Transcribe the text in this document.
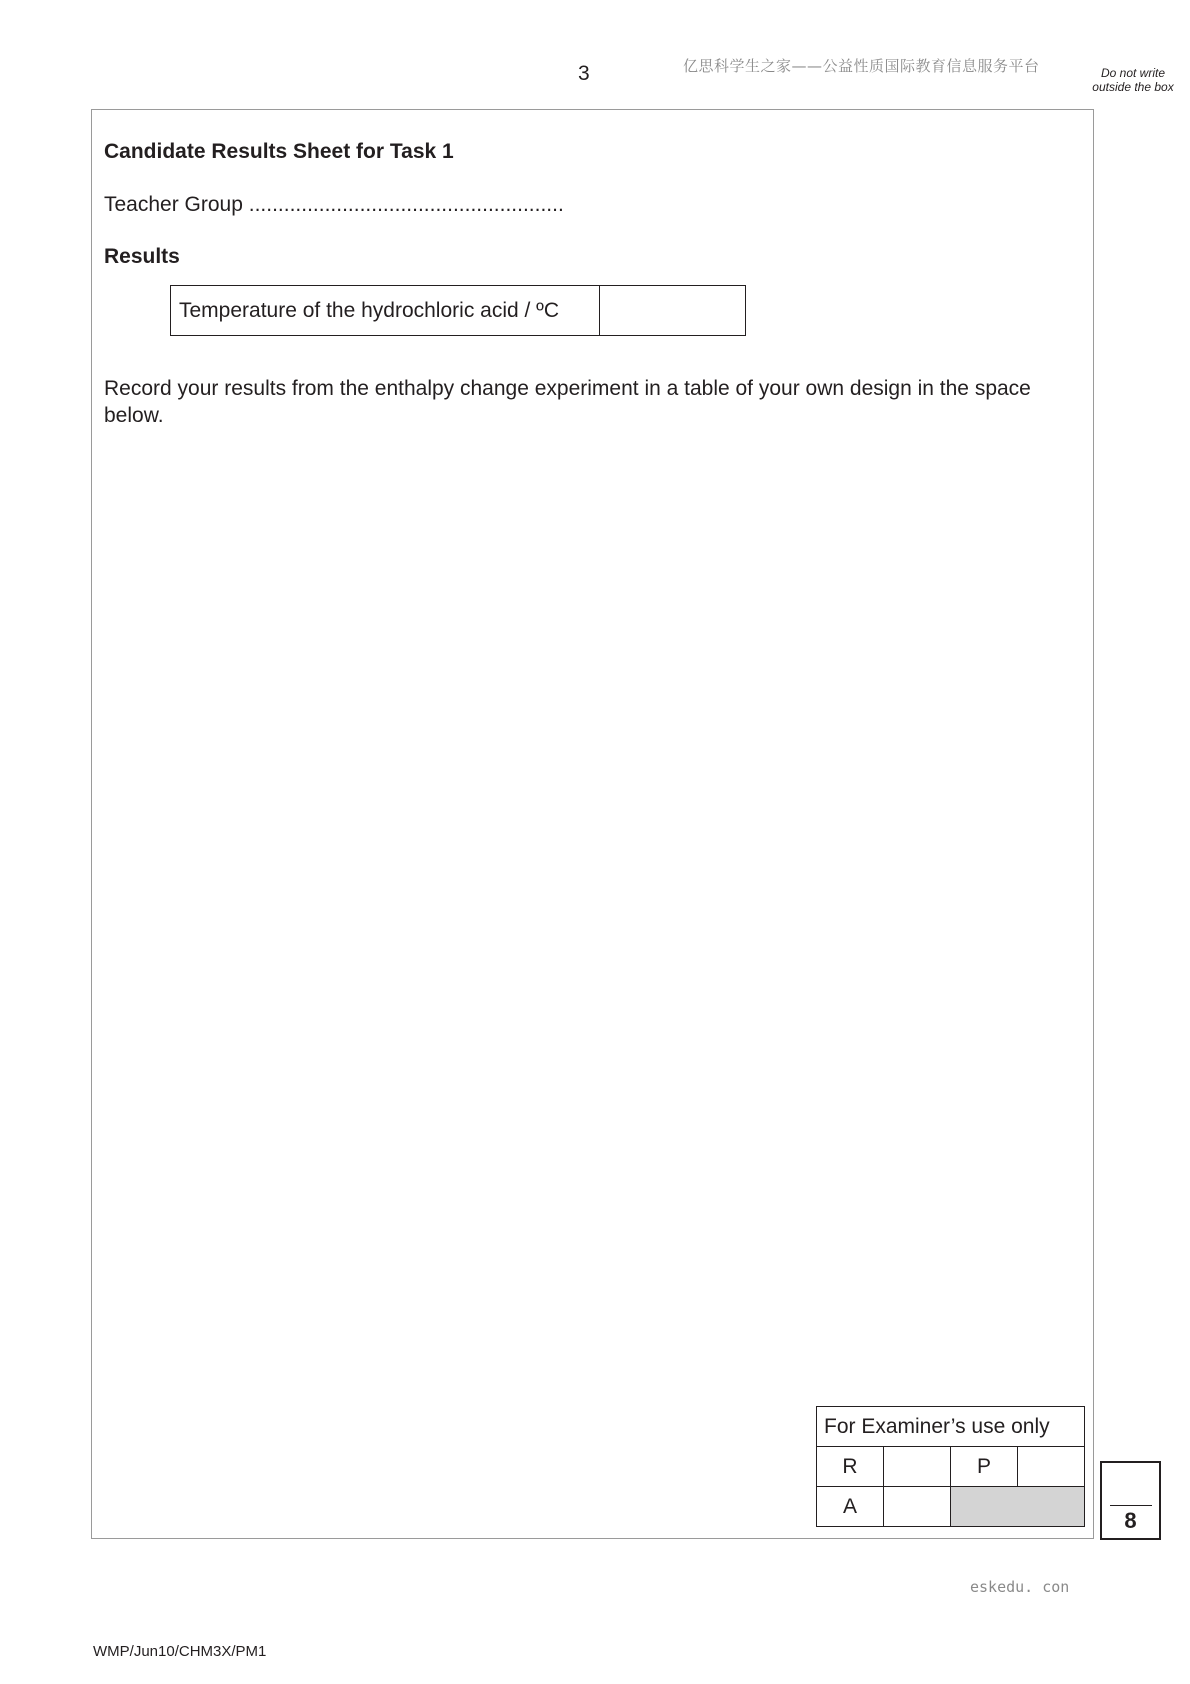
3	亿思科学生之家——公益性质国际教育信息服务平台	Do not write outside the box
Candidate Results Sheet for Task 1
Teacher Group ......................................................
Results
Temperature of the hydrochloric acid / ºC	
Record your results from the enthalpy change experiment in a table of your own design in the space below.
For Examiner’s use only			
R		P	
A			
8
eskedu. con
WMP/Jun10/CHM3X/PM1
